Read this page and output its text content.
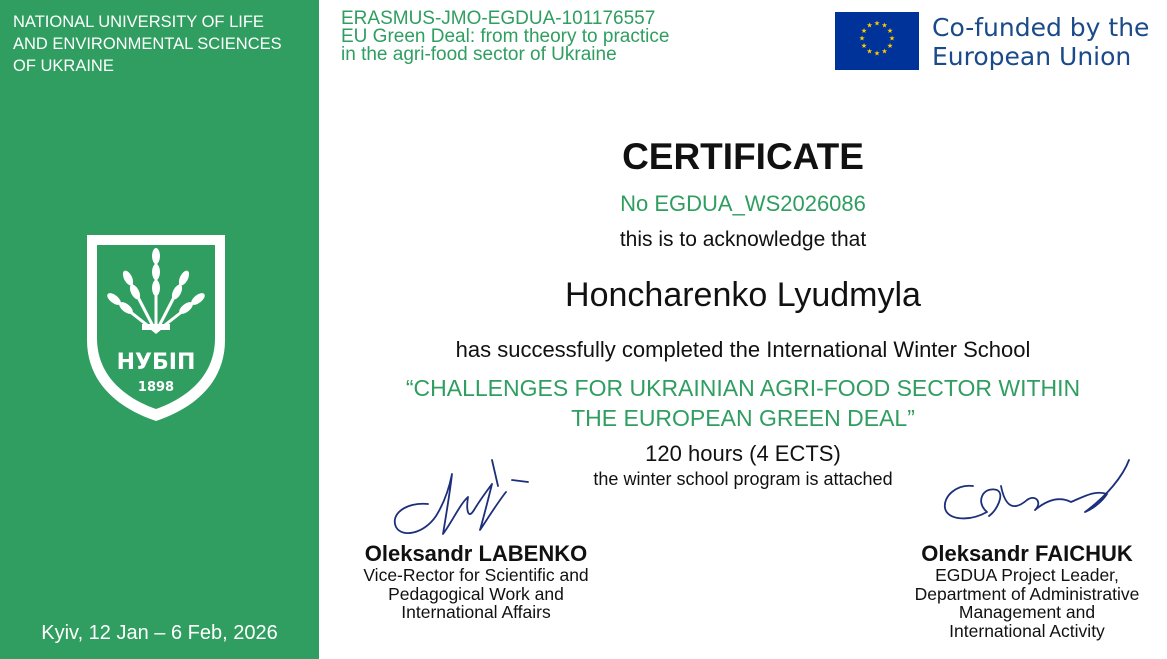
NATIONAL UNIVERSITY OF LIFE
AND ENVIRONMENTAL SCIENCES
OF UKRAINE
НУБІП
1898
Kyiv, 12 Jan – 6 Feb, 2026
ERASMUS-JMO-EGDUA-101176557
EU Green Deal: from theory to practice
in the agri-food sector of Ukraine
★ ★
★
★
★
★
★
★
★
★
★
★ Co-funded by the
European Union
CERTIFICATE
No EGDUA_WS2026086
this is to acknowledge that
Honcharenko Lyudmyla
has successfully completed the International Winter School
“CHALLENGES FOR UKRAINIAN AGRI-FOOD SECTOR WITHIN
THE EUROPEAN GREEN DEAL”
120 hours (4 ECTS)
the winter school program is attached
Oleksandr LABENKO
Vice-Rector for Scientific and
Pedagogical Work and
International Affairs
Oleksandr FAICHUK
EGDUA Project Leader,
Department of Administrative
Management and
International Activity
